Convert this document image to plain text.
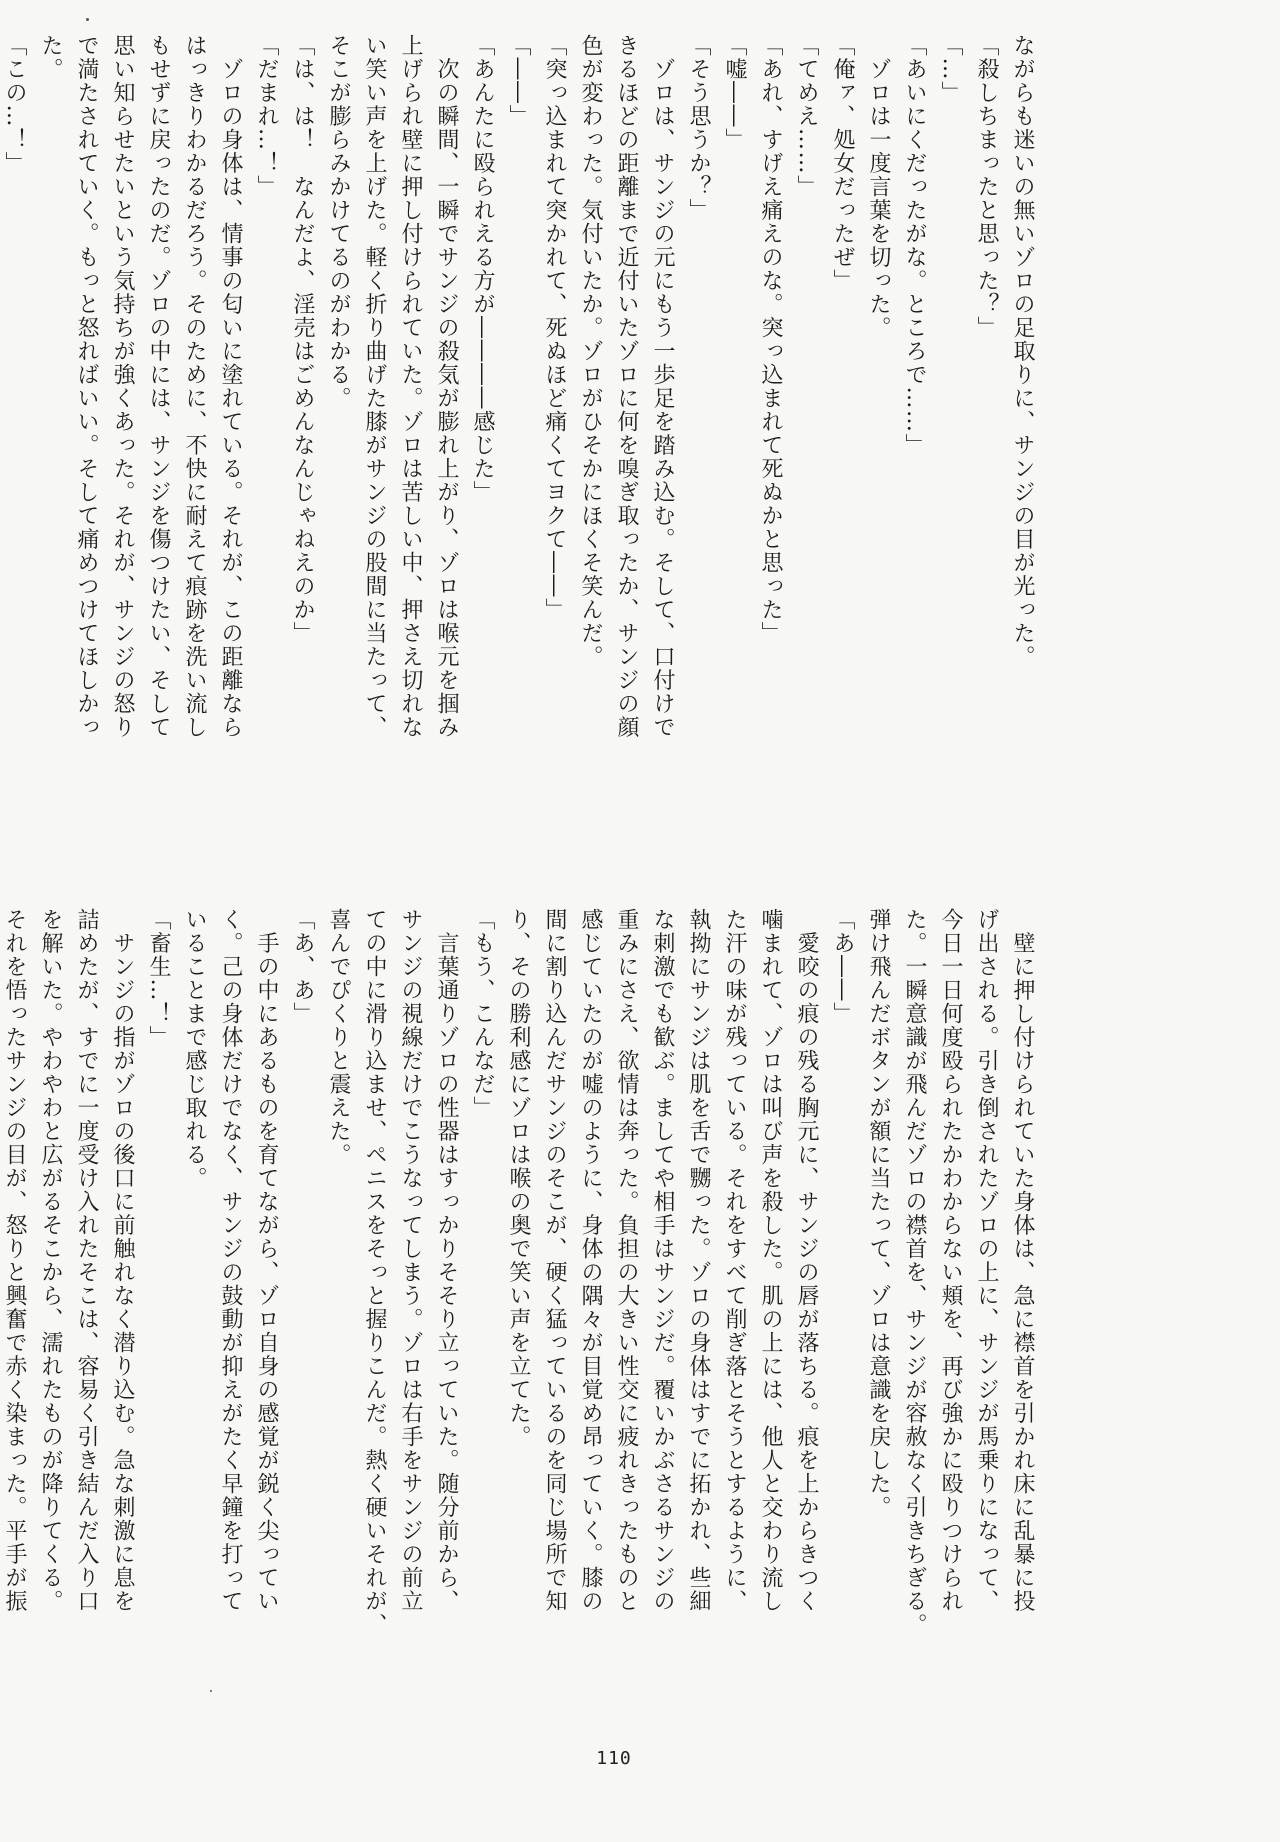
ながらも迷いの無いゾロの足取りに、サンジの目が光った。

「殺しちまったと思った？」

「…」

「あいにくだったがな。ところで……」

　ゾロは一度言葉を切った。

「俺ァ、処女だったぜ」

「てめえ……」

「あれ、すげえ痛えのな。突っ込まれて死ぬかと思った」

「嘘――」

「そう思うか？」

　ゾロは、サンジの元にもう一歩足を踏み込む。そして、口付けで

きるほどの距離まで近付いたゾロに何を嗅ぎ取ったか、サンジの顔

色が変わった。気付いたか。ゾロがひそかにほくそ笑んだ。

「突っ込まれて突かれて、死ぬほど痛くてヨクて――」

「――」

「あんたに殴られえる方が――――感じた」

　次の瞬間、一瞬でサンジの殺気が膨れ上がり、ゾロは喉元を掴み

上げられ壁に押し付けられていた。ゾロは苦しい中、押さえ切れな

い笑い声を上げた。軽く折り曲げた膝がサンジの股間に当たって、

そこが膨らみかけてるのがわかる。

「は、は！　なんだよ、淫売はごめんなんじゃねえのか」

「だまれ…！」

　ゾロの身体は、情事の匂いに塗れている。それが、この距離なら

はっきりわかるだろう。そのために、不快に耐えて痕跡を洗い流し

もせずに戻ったのだ。ゾロの中には、サンジを傷つけたい、そして

思い知らせたいという気持ちが強くあった。それが、サンジの怒り

で満たされていく。もっと怒ればいい。そして痛めつけてほしかっ

た。

「この…！」

　壁に押し付けられていた身体は、急に襟首を引かれ床に乱暴に投

げ出される。引き倒されたゾロの上に、サンジが馬乗りになって、

今日一日何度殴られたかわからない頬を、再び強かに殴りつけられ

た。一瞬意識が飛んだゾロの襟首を、サンジが容赦なく引きちぎる。

弾け飛んだボタンが額に当たって、ゾロは意識を戻した。

「あ――」

　愛咬の痕の残る胸元に、サンジの唇が落ちる。痕を上からきつく

噛まれて、ゾロは叫び声を殺した。肌の上には、他人と交わり流し

た汗の味が残っている。それをすべて削ぎ落とそうとするように、

執拗にサンジは肌を舌で嬲った。ゾロの身体はすでに拓かれ、些細

な刺激でも歓ぶ。ましてや相手はサンジだ。覆いかぶさるサンジの

重みにさえ、欲情は奔った。負担の大きい性交に疲れきったものと

感じていたのが嘘のように、身体の隅々が目覚め昂っていく。膝の

間に割り込んだサンジのそこが、硬く猛っているのを同じ場所で知

り、その勝利感にゾロは喉の奥で笑い声を立てた。

「もう、こんなだ」

　言葉通りゾロの性器はすっかりそそり立っていた。随分前から、

サンジの視線だけでこうなってしまう。ゾロは右手をサンジの前立

ての中に滑り込ませ、ペニスをそっと握りこんだ。熱く硬いそれが、

喜んでぴくりと震えた。

「あ、あ」

　手の中にあるものを育てながら、ゾロ自身の感覚が鋭く尖ってい

く。己の身体だけでなく、サンジの鼓動が抑えがたく早鐘を打って

いることまで感じ取れる。

「畜生…！」

　サンジの指がゾロの後口に前触れなく潜り込む。急な刺激に息を

詰めたが、すでに一度受け入れたそこは、容易く引き結んだ入り口

を解いた。やわやわと広がるそこから、濡れたものが降りてくる。

それを悟ったサンジの目が、怒りと興奮で赤く染まった。平手が振

110
